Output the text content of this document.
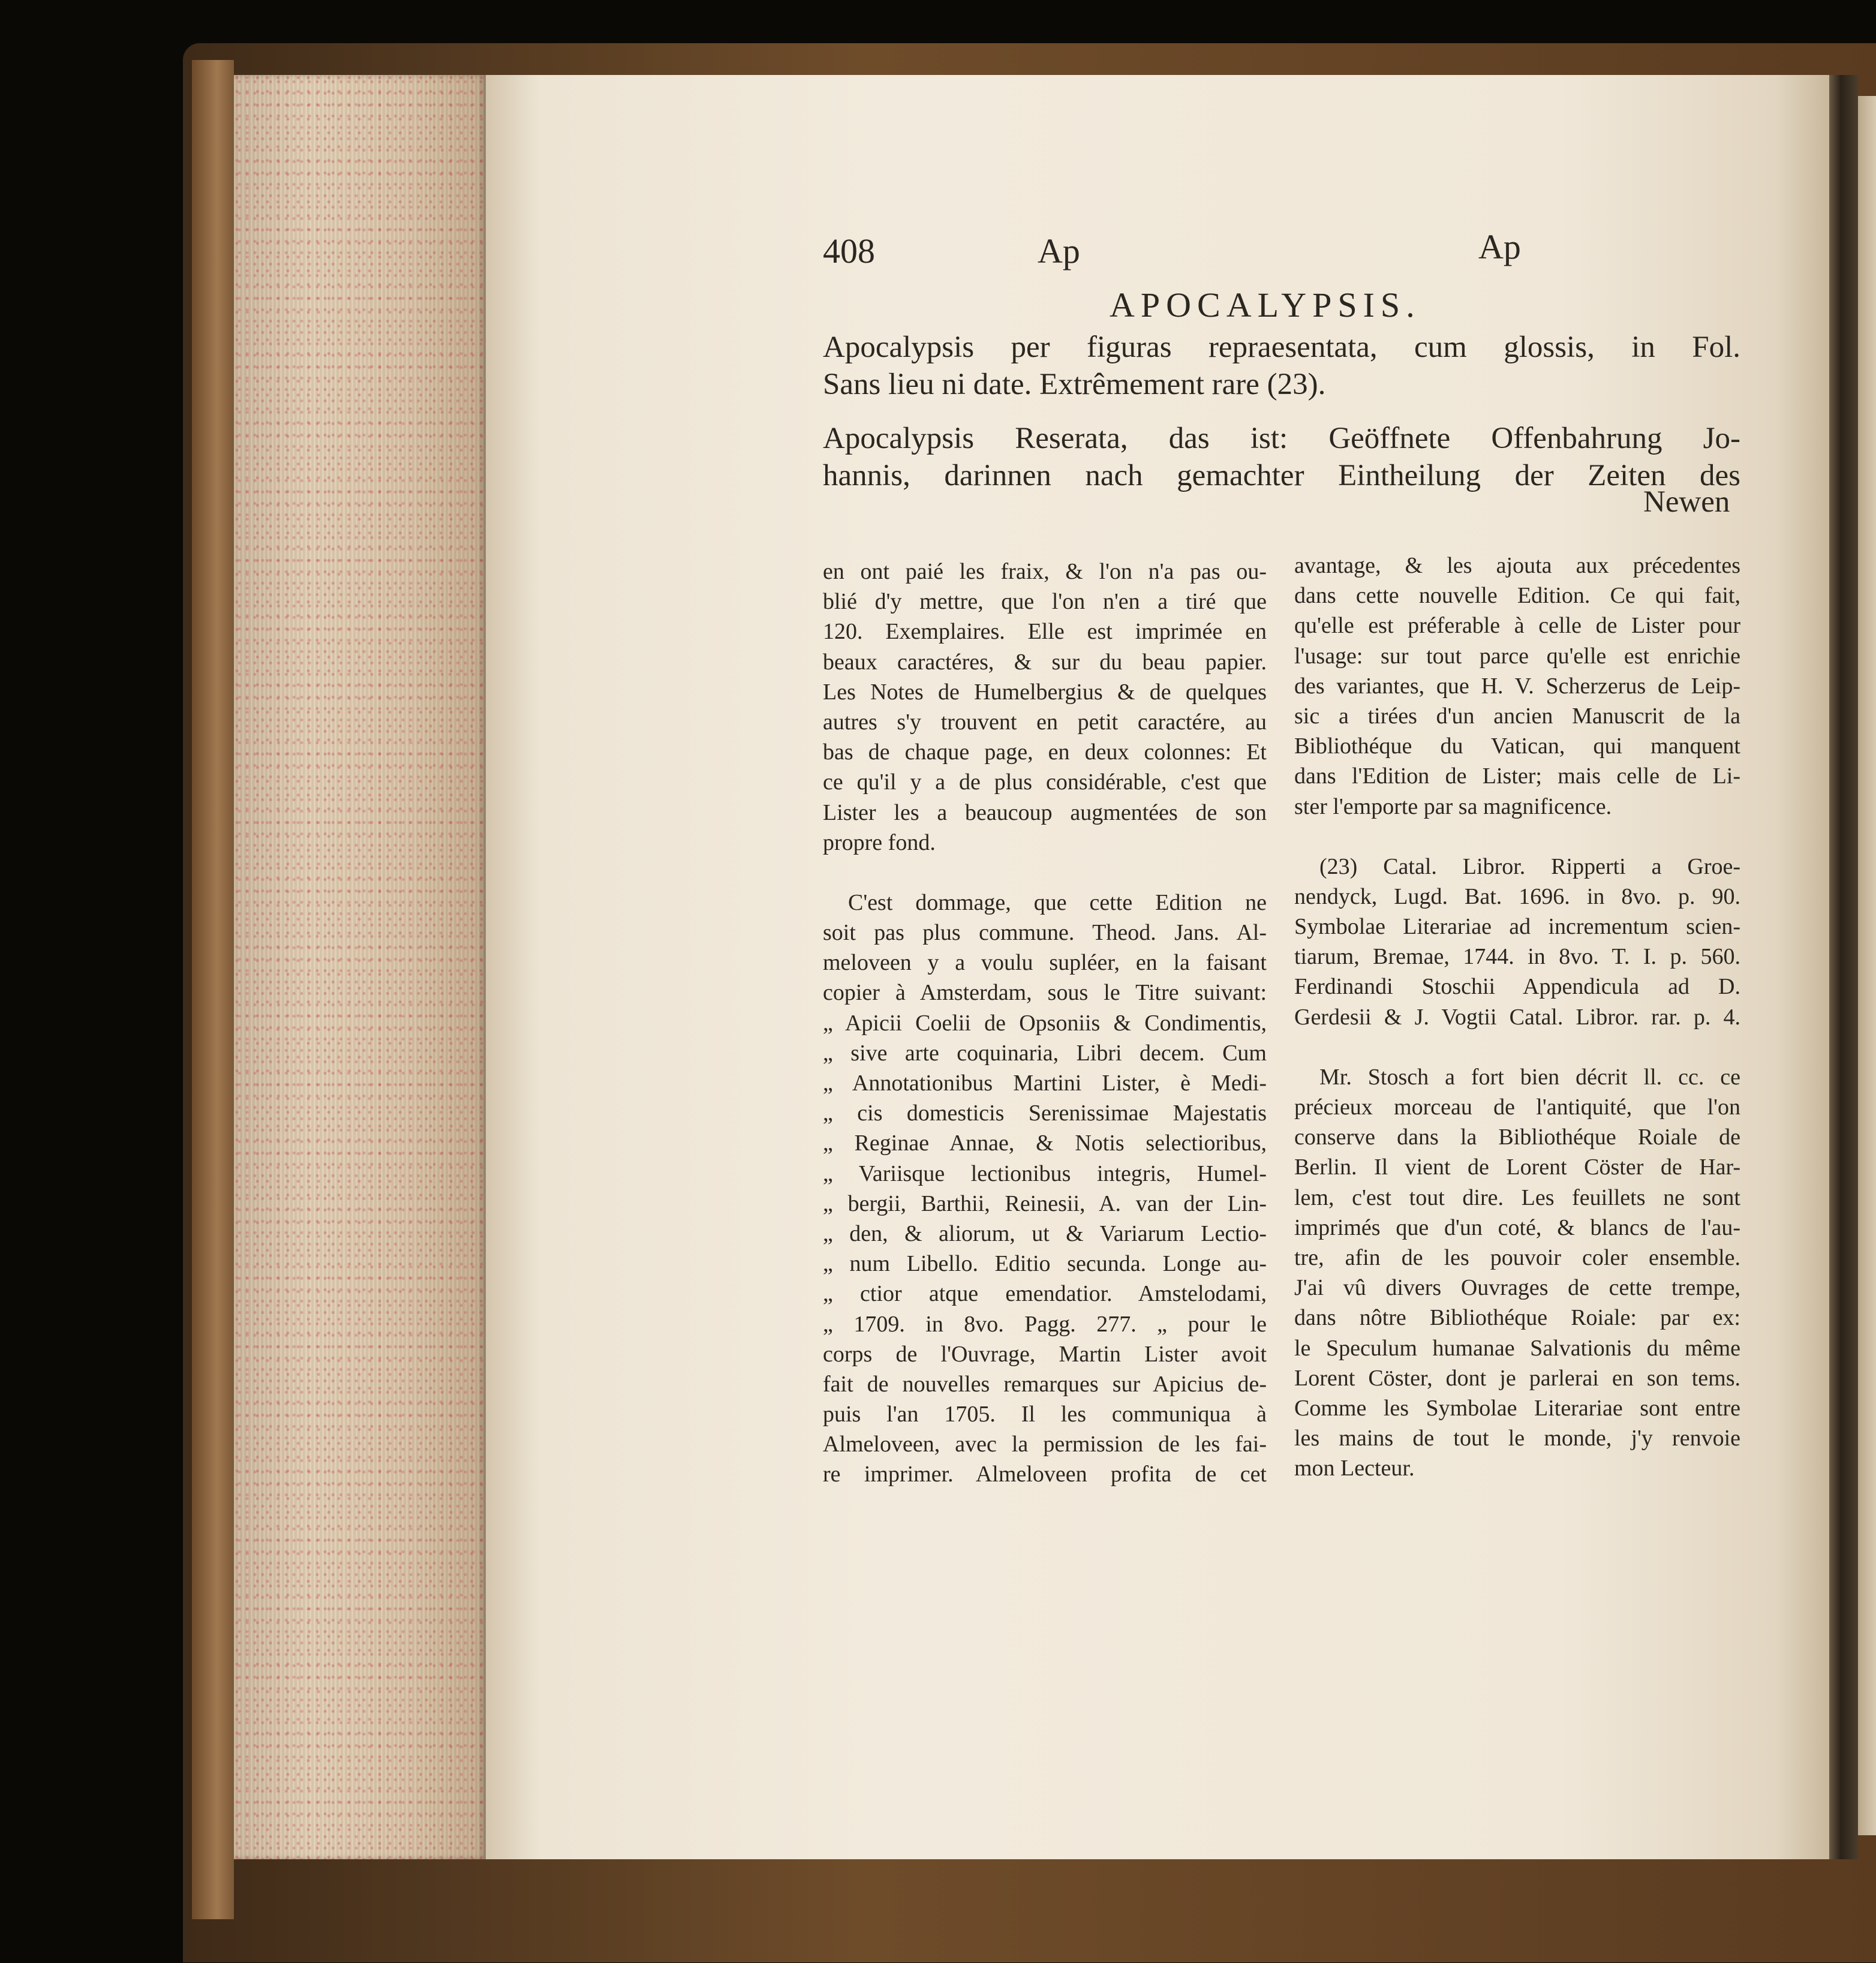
408	Ap	Ap
APOCALYPSIS.
Apocalypsis per figuras repraesentata, cum glossis, in Fol.
Sans lieu ni date. Extrêmement rare (23).
Apocalypsis Reserata, das ist: Geöffnete Offenbahrung Jo-
hannis, darinnen nach gemachter Eintheilung der Zeiten des
Newen
en ont paié les fraix, & l'on n'a pas ou-
blié d'y mettre, que l'on n'en a tiré que
120. Exemplaires. Elle est imprimée en
beaux caractéres, & sur du beau papier.
Les Notes de Humelbergius & de quelques
autres s'y trouvent en petit caractére, au
bas de chaque page, en deux colonnes: Et
ce qu'il y a de plus considérable, c'est que
Lister les a beaucoup augmentées de son
propre fond.
C'est dommage, que cette Edition ne
soit pas plus commune. Theod. Jans. Al-
meloveen y a voulu supléer, en la faisant
copier à Amsterdam, sous le Titre suivant:
„ Apicii Coelii de Opsoniis & Condimentis,
„ sive arte coquinaria, Libri decem. Cum
„ Annotationibus Martini Lister, è Medi-
„ cis domesticis Serenissimae Majestatis
„ Reginae Annae, & Notis selectioribus,
„ Variisque lectionibus integris, Humel-
„ bergii, Barthii, Reinesii, A. van der Lin-
„ den, & aliorum, ut & Variarum Lectio-
„ num Libello. Editio secunda. Longe au-
„ ctior atque emendatior. Amstelodami,
„ 1709. in 8vo. Pagg. 277. „ pour le
corps de l'Ouvrage, Martin Lister avoit
fait de nouvelles remarques sur Apicius de-
puis l'an 1705. Il les communiqua à
Almeloveen, avec la permission de les fai-
re imprimer. Almeloveen profita de cet
avantage, & les ajouta aux précedentes
dans cette nouvelle Edition. Ce qui fait,
qu'elle est préferable à celle de Lister pour
l'usage: sur tout parce qu'elle est enrichie
des variantes, que H. V. Scherzerus de Leip-
sic a tirées d'un ancien Manuscrit de la
Bibliothéque du Vatican, qui manquent
dans l'Edition de Lister; mais celle de Li-
ster l'emporte par sa magnificence.
(23) Catal. Libror. Ripperti a Groe-
nendyck, Lugd. Bat. 1696. in 8vo. p. 90.
Symbolae Literariae ad incrementum scien-
tiarum, Bremae, 1744. in 8vo. T. I. p. 560.
Ferdinandi Stoschii Appendicula ad D.
Gerdesii & J. Vogtii Catal. Libror. rar. p. 4.
Mr. Stosch a fort bien décrit ll. cc. ce
précieux morceau de l'antiquité, que l'on
conserve dans la Bibliothéque Roiale de
Berlin. Il vient de Lorent Cöster de Har-
lem, c'est tout dire. Les feuillets ne sont
imprimés que d'un coté, & blancs de l'au-
tre, afin de les pouvoir coler ensemble.
J'ai vû divers Ouvrages de cette trempe,
dans nôtre Bibliothéque Roiale: par ex:
le Speculum humanae Salvationis du même
Lorent Cöster, dont je parlerai en son tems.
Comme les Symbolae Literariae sont entre
les mains de tout le monde, j'y renvoie
mon Lecteur.
